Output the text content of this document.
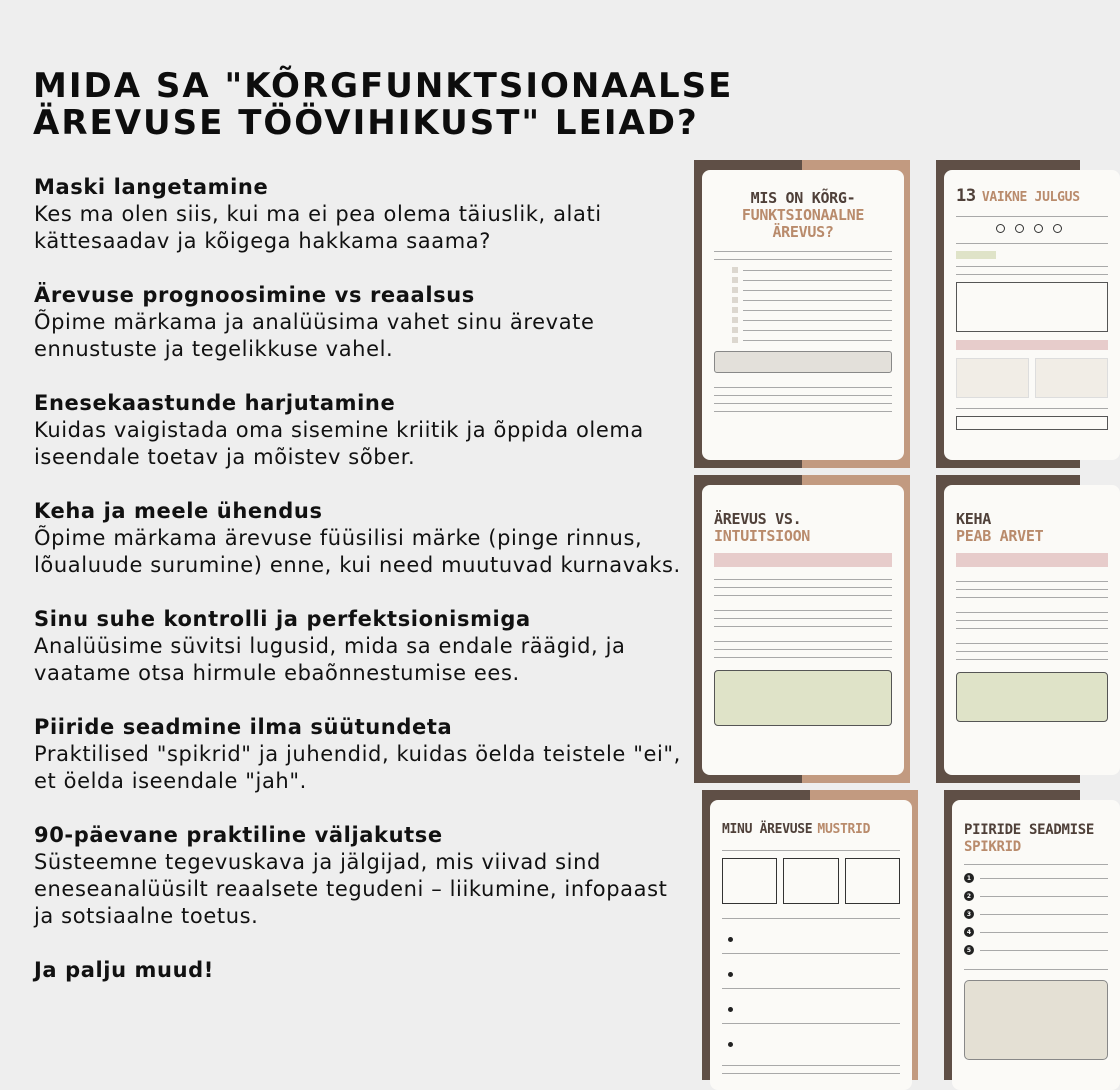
MIDA SA "KÕRGFUNKTSIONAALSE ÄREVUSE TÖÖVIHIKUST" LEIAD?
Maski langetamine

Kes ma olen siis, kui ma ei pea olema täiuslik, alati kättesaadav ja kõigega hakkama saama?

Ärevuse prognoosimine vs reaalsus

Õpime märkama ja analüüsima vahet sinu ärevate ennustuste ja tegelikkuse vahel.

Enesekaastunde harjutamine

Kuidas vaigistada oma sisemine kriitik ja õppida olema iseendale toetav ja mõistev sõber.

Keha ja meele ühendus

Õpime märkama ärevuse füüsilisi märke (pinge rinnus, lõualuude surumine) enne, kui need muutuvad kurnavaks.

Sinu suhe kontrolli ja perfektsionismiga

Analüüsime süvitsi lugusid, mida sa endale räägid, ja vaatame otsa hirmule ebaõnnestumise ees.

Piiride seadmine ilma süütundeta

Praktilised "spikrid" ja juhendid, kuidas öelda teistele "ei", et öelda iseendale "jah".

90-päevane praktiline väljakutse

Süsteemne tegevuskava ja jälgijad, mis viivad sind eneseanalüüsilt reaalsete tegudeni – liikumine, infopaast ja sotsiaalne toetus.

Ja palju muud!
MIS ON KÕRG-
FUNKTSIONAALNE ÄREVUS?
13 VAIKNE JULGUS
ÄREVUS VS.
INTUITSIOON
KEHA
PEAB ARVET
MINU ÄREVUSE MUSTRID	PIIRIDE SEADMISE
SPIKRID
1
2
3
4
5
